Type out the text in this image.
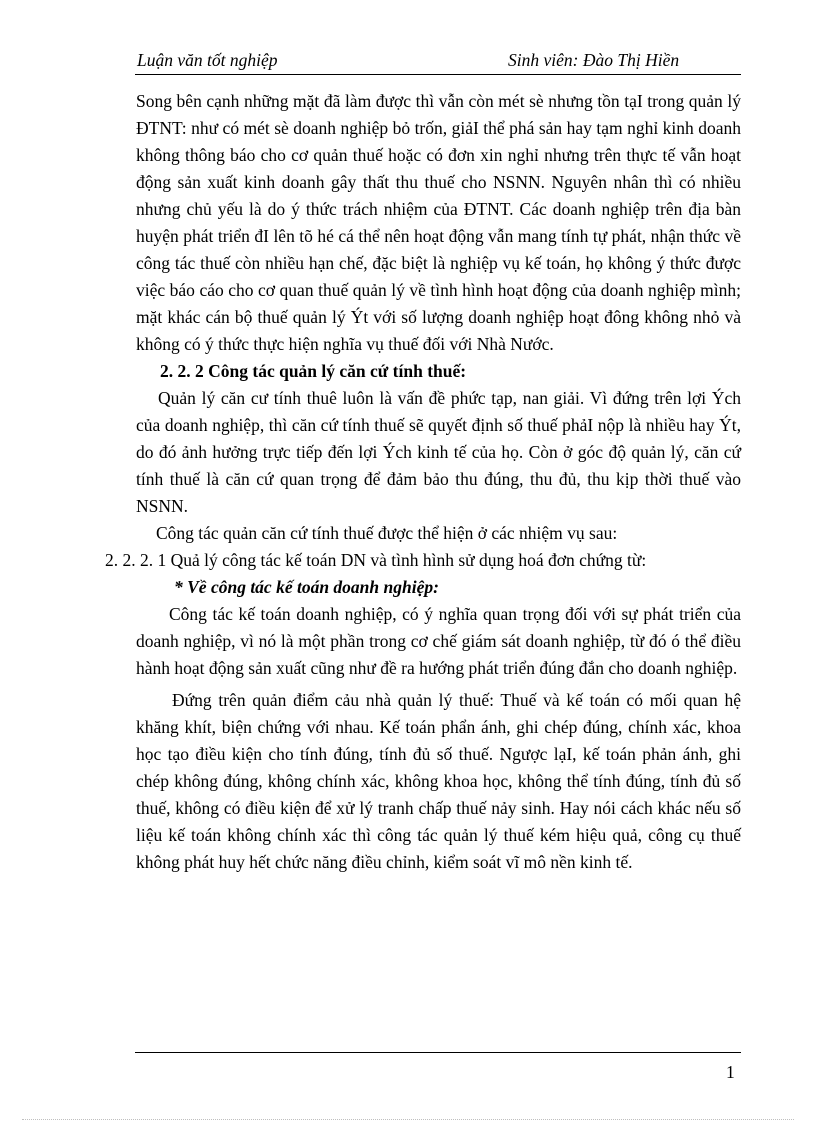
Luận văn tốt nghiệp	Sinh viên: Đào Thị Hiền

Song bên cạnh những mặt đã làm được thì vẫn còn mét sè nhưng tồn tạI trong quản lý ĐTNT: như có mét sè doanh nghiệp bỏ trốn, giảI thể phá sản hay tạm nghỉ kinh doanh không thông báo cho cơ quản thuế hoặc có đơn xin nghỉ nhưng trên thực tế vẫn hoạt động sản xuất kinh doanh gây thất thu thuế cho NSNN. Nguyên nhân thì có nhiều nhưng chủ yếu là do ý thức trách nhiệm của ĐTNT. Các doanh nghiệp trên địa bàn huyện phát triển đI lên tõ hé cá thể nên hoạt động vẫn mang tính tự phát, nhận thức về công tác thuế còn nhiều hạn chế, đặc biệt là nghiệp vụ kế toán, họ không ý thức được việc báo cáo cho cơ quan thuế quản lý về tình hình hoạt động của doanh nghiệp mình; mặt khác cán bộ thuế quản lý Ýt với số lượng doanh nghiệp hoạt đông không nhỏ và không có ý thức thực hiện nghĩa vụ thuế đối với Nhà Nước.

2. 2. 2 Công tác quản lý căn cứ tính thuế:

Quản lý căn cư tính thuê luôn là vấn đề phức tạp, nan giải. Vì đứng trên lợi Ých của doanh nghiệp, thì căn cứ tính thuế sẽ quyết định số thuế phảI nộp là nhiều hay Ýt, do đó ảnh hưởng trực tiếp đến lợi Ých kinh tế của họ. Còn ở góc độ quản lý, căn cứ tính thuế là căn cứ quan trọng để đảm bảo thu đúng, thu đủ, thu kịp thời thuế vào NSNN.

Công tác quản căn cứ tính thuế được thể hiện ở các nhiệm vụ sau:

2. 2. 2. 1 Quả lý công tác kế toán DN và tình hình sử dụng hoá đơn chứng từ:

* Về công tác kế toán doanh nghiệp:

Công tác kế toán doanh nghiệp, có ý nghĩa quan trọng đối với sự phát triển của doanh nghiệp, vì nó là một phần trong cơ chế giám sát doanh nghiệp, từ đó ó thể điều hành hoạt động sản xuất cũng như đề ra hướng phát triển đúng đắn cho doanh nghiệp.

Đứng trên quản điểm cảu nhà quản lý thuế: Thuế và kế toán có mối quan hệ khăng khít, biện chứng với nhau. Kế toán phẩn ánh, ghi chép đúng, chính xác, khoa học tạo điều kiện cho tính đúng, tính đủ số thuế. Ngược lạI, kế toán phản ánh, ghi chép không đúng, không chính xác, không khoa học, không thể tính đúng, tính đủ số thuế, không có điều kiện để xử lý tranh chấp thuế nảy sinh. Hay nói cách khác nếu số liệu kế toán không chính xác thì công tác quản lý thuế kém hiệu quả, công cụ thuế không phát huy hết chức năng điều chỉnh, kiểm soát vĩ mô nền kinh tế.

1
